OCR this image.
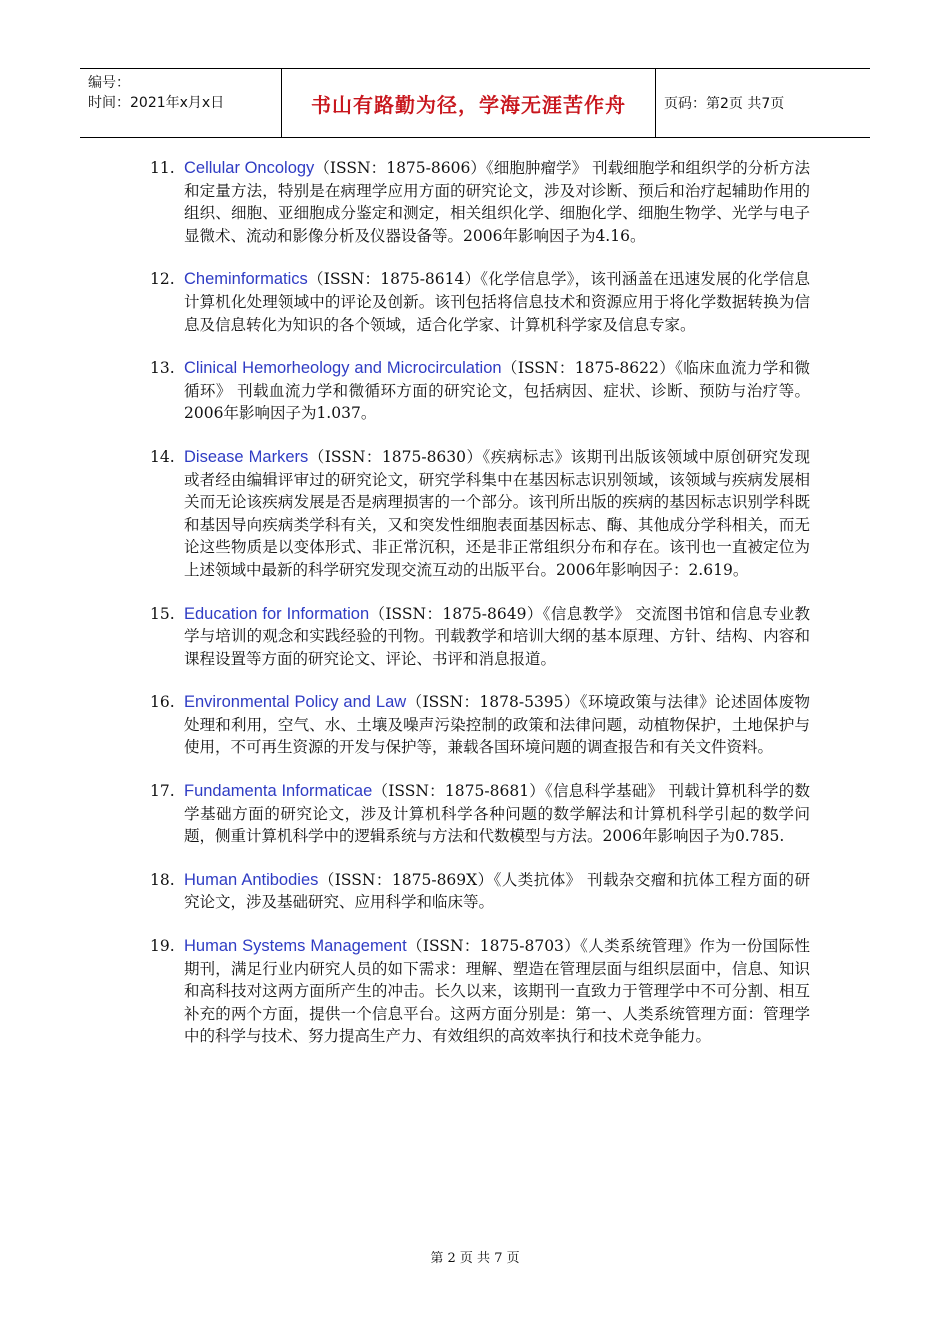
编号：
时间：2021年x月x日	书山有路勤为径，学海无涯苦作舟	页码：第2页 共7页
11. Cellular Oncology（ISSN：1875-8606）《细胞肿瘤学》 刊载细胞学和组织学的分析方法和定量方法，特别是在病理学应用方面的研究论文，涉及对诊断、预后和治疗起辅助作用的组织、细胞、亚细胞成分鉴定和测定，相关组织化学、细胞化学、细胞生物学、光学与电子显微术、流动和影像分析及仪器设备等。2006年影响因子为4.16。
12. Cheminformatics（ISSN：1875-8614）《化学信息学》，该刊涵盖在迅速发展的化学信息计算机化处理领域中的评论及创新。该刊包括将信息技术和资源应用于将化学数据转换为信息及信息转化为知识的各个领域，适合化学家、计算机科学家及信息专家。
13. Clinical Hemorheology and Microcirculation（ISSN：1875-8622）《临床血流力学和微循环》 刊载血流力学和微循环方面的研究论文，包括病因、症状、诊断、预防与治疗等。2006年影响因子为1.037。
14. Disease Markers（ISSN：1875-8630）《疾病标志》该期刊出版该领域中原创研究发现或者经由编辑评审过的研究论文，研究学科集中在基因标志识别领域，该领域与疾病发展相关而无论该疾病发展是否是病理损害的一个部分。该刊所出版的疾病的基因标志识别学科既和基因导向疾病类学科有关，又和突发性细胞表面基因标志、酶、其他成分学科相关，而无论这些物质是以变体形式、非正常沉积，还是非正常组织分布和存在。该刊也一直被定位为上述领域中最新的科学研究发现交流互动的出版平台。2006年影响因子：2.619。
15. Education for Information（ISSN：1875-8649）《信息教学》 交流图书馆和信息专业教学与培训的观念和实践经验的刊物。刊载教学和培训大纲的基本原理、方针、结构、内容和课程设置等方面的研究论文、评论、书评和消息报道。
16. Environmental Policy and Law（ISSN：1878-5395）《环境政策与法律》论述固体废物处理和利用，空气、水、土壤及噪声污染控制的政策和法律问题，动植物保护，土地保护与使用，不可再生资源的开发与保护等，兼载各国环境问题的调查报告和有关文件资料。
17. Fundamenta Informaticae（ISSN：1875-8681）《信息科学基础》 刊载计算机科学的数学基础方面的研究论文，涉及计算机科学各种问题的数学解法和计算机科学引起的数学问题，侧重计算机科学中的逻辑系统与方法和代数模型与方法。2006年影响因子为0.785.
18. Human Antibodies（ISSN：1875-869X）《人类抗体》 刊载杂交瘤和抗体工程方面的研究论文，涉及基础研究、应用科学和临床等。
19. Human Systems Management（ISSN：1875-8703）《人类系统管理》作为一份国际性期刊，满足行业内研究人员的如下需求：理解、塑造在管理层面与组织层面中，信息、知识和高科技对这两方面所产生的冲击。长久以来，该期刊一直致力于管理学中不可分割、相互补充的两个方面，提供一个信息平台。这两方面分别是：第一、人类系统管理方面：管理学中的科学与技术、努力提高生产力、有效组织的高效率执行和技术竞争能力。
第 2 页 共 7 页
